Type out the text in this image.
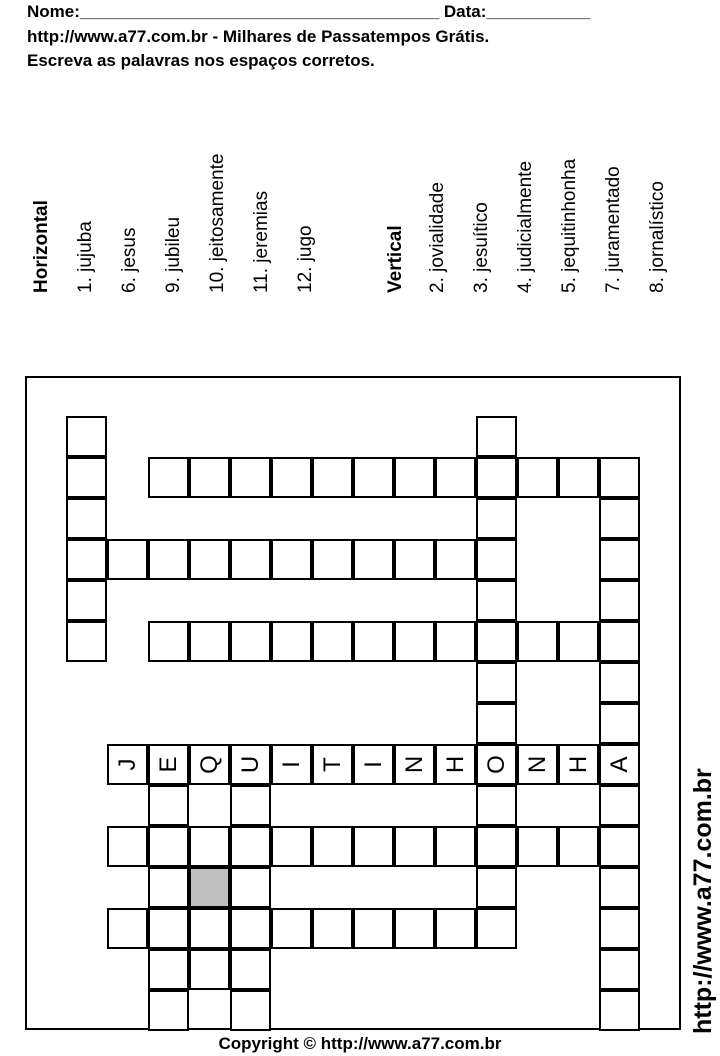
Nome:______________________________________ Data:___________
http://www.a77.com.br - Milhares de Passatempos Grátis.
Escreva as palavras nos espaços corretos.
Horizontal 1. jujuba 6. jesus 9. jubileu 10. jeitosamente 11. jeremias 12. jugo	Vertical 2. jovialidade 3. jesuítico 4. judicialmente 5. jequitinhonha 7. juramentado 8. jornalístico
J E Q U I T I N H O N H A
http://www.a77.com.br
Copyright © http://www.a77.com.br
